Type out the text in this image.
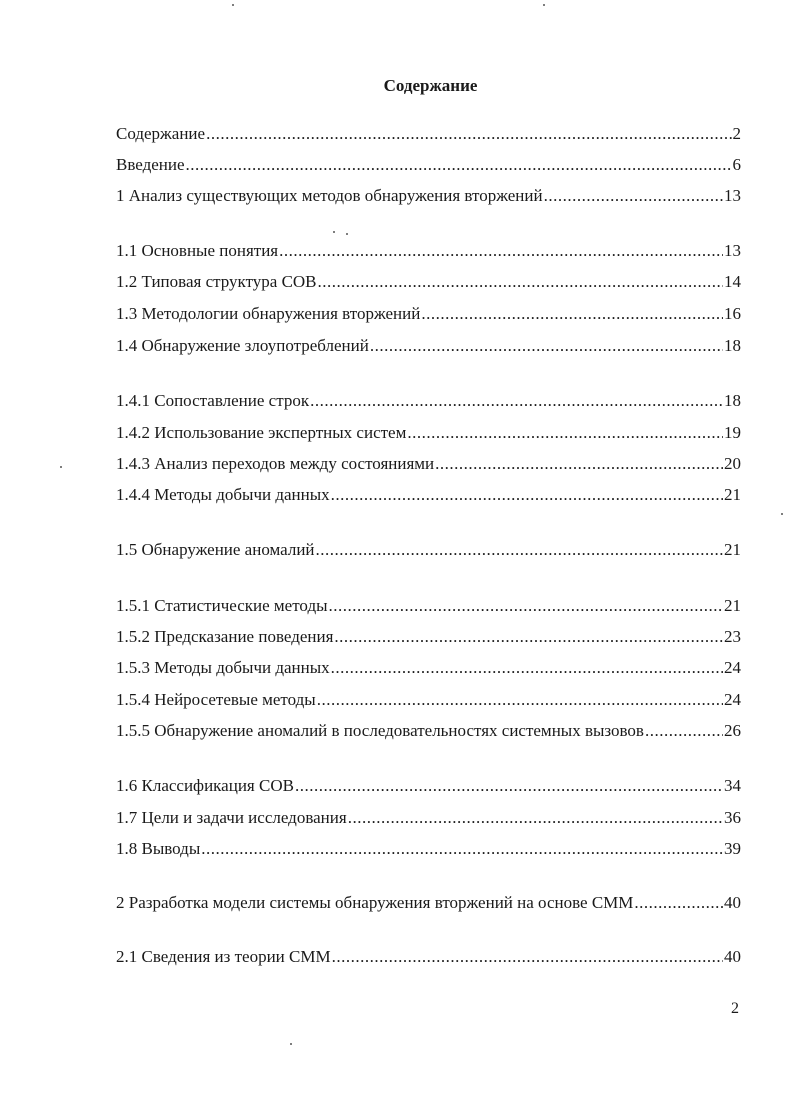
Содержание
Содержание .....	2
Введение .....	6
1 Анализ существующих методов обнаружения вторжений .....	13
1.1 Основные понятия .....	13
1.2 Типовая структура СОВ .....	14
1.3 Методологии обнаружения вторжений .....	16
1.4 Обнаружение злоупотреблений .....	18
1.4.1 Сопоставление строк .....	18
1.4.2 Использование экспертных систем .....	19
1.4.3 Анализ переходов между состояниями .....	20
1.4.4 Методы добычи данных .....	21
1.5 Обнаружение аномалий .....	21
1.5.1 Статистические методы .....	21
1.5.2 Предсказание поведения .....	23
1.5.3 Методы добычи данных .....	24
1.5.4 Нейросетевые методы .....	24
1.5.5 Обнаружение аномалий в последовательностях системных вызовов .....	26
1.6 Классификация СОВ .....	34
1.7 Цели и задачи исследования .....	36
1.8 Выводы .....	39
2 Разработка модели системы обнаружения вторжений на основе СММ .....	40
2.1 Сведения из теории СММ .....	40
2
